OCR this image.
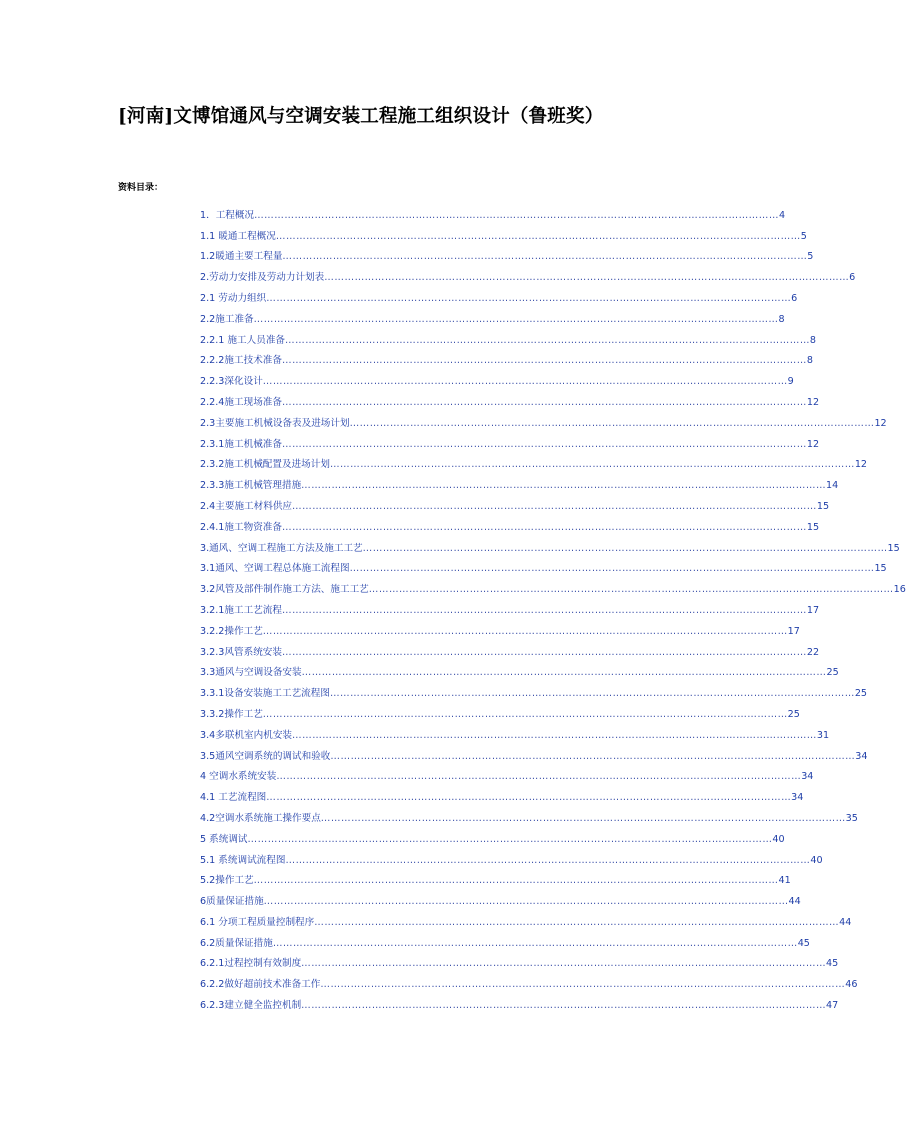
[河南]文博馆通风与空调安装工程施工组织设计（鲁班奖）
资料目录：
1．工程概况 ………………………………………………………………………………………………………………………………………… 4
1.1 暖通工程概况 ………………………………………………………………………………………………………………………………………… 5
1.2暖通主要工程量 ………………………………………………………………………………………………………………………………………… 5
2.劳动力安排及劳动力计划表 ………………………………………………………………………………………………………………………………………… 6
2.1 劳动力组织 ………………………………………………………………………………………………………………………………………… 6
2.2施工准备 ………………………………………………………………………………………………………………………………………… 8
2.2.1 施工人员准备 ………………………………………………………………………………………………………………………………………… 8
2.2.2施工技术准备 ………………………………………………………………………………………………………………………………………… 8
2.2.3深化设计 ………………………………………………………………………………………………………………………………………… 9
2.2.4施工现场准备 ………………………………………………………………………………………………………………………………………… 12
2.3主要施工机械设备表及进场计划 ………………………………………………………………………………………………………………………………………… 12
2.3.1施工机械准备 ………………………………………………………………………………………………………………………………………… 12
2.3.2施工机械配置及进场计划 ………………………………………………………………………………………………………………………………………… 12
2.3.3施工机械管理措施 ………………………………………………………………………………………………………………………………………… 14
2.4主要施工材料供应 ………………………………………………………………………………………………………………………………………… 15
2.4.1施工物资准备 ………………………………………………………………………………………………………………………………………… 15
3.通风、空调工程施工方法及施工工艺 ………………………………………………………………………………………………………………………………………… 15
3.1通风、空调工程总体施工流程图 ………………………………………………………………………………………………………………………………………… 15
3.2风管及部件制作施工方法、施工工艺 ………………………………………………………………………………………………………………………………………… 16
3.2.1施工工艺流程 ………………………………………………………………………………………………………………………………………… 17
3.2.2操作工艺 ………………………………………………………………………………………………………………………………………… 17
3.2.3风管系统安装 ………………………………………………………………………………………………………………………………………… 22
3.3通风与空调设备安装 ………………………………………………………………………………………………………………………………………… 25
3.3.1设备安装施工工艺流程图 ………………………………………………………………………………………………………………………………………… 25
3.3.2操作工艺 ………………………………………………………………………………………………………………………………………… 25
3.4多联机室内机安装 ………………………………………………………………………………………………………………………………………… 31
3.5通风空调系统的调试和验收 ………………………………………………………………………………………………………………………………………… 34
4 空调水系统安装 ………………………………………………………………………………………………………………………………………… 34
4.1 工艺流程图 ………………………………………………………………………………………………………………………………………… 34
4.2空调水系统施工操作要点 ………………………………………………………………………………………………………………………………………… 35
5 系统调试 ………………………………………………………………………………………………………………………………………… 40
5.1 系统调试流程图 ………………………………………………………………………………………………………………………………………… 40
5.2操作工艺 ………………………………………………………………………………………………………………………………………… 41
6质量保证措施 ………………………………………………………………………………………………………………………………………… 44
6.1 分项工程质量控制程序 ………………………………………………………………………………………………………………………………………… 44
6.2质量保证措施 ………………………………………………………………………………………………………………………………………… 45
6.2.1过程控制有效制度 ………………………………………………………………………………………………………………………………………… 45
6.2.2做好超前技术准备工作 ………………………………………………………………………………………………………………………………………… 46
6.2.3建立健全监控机制 ………………………………………………………………………………………………………………………………………… 47
